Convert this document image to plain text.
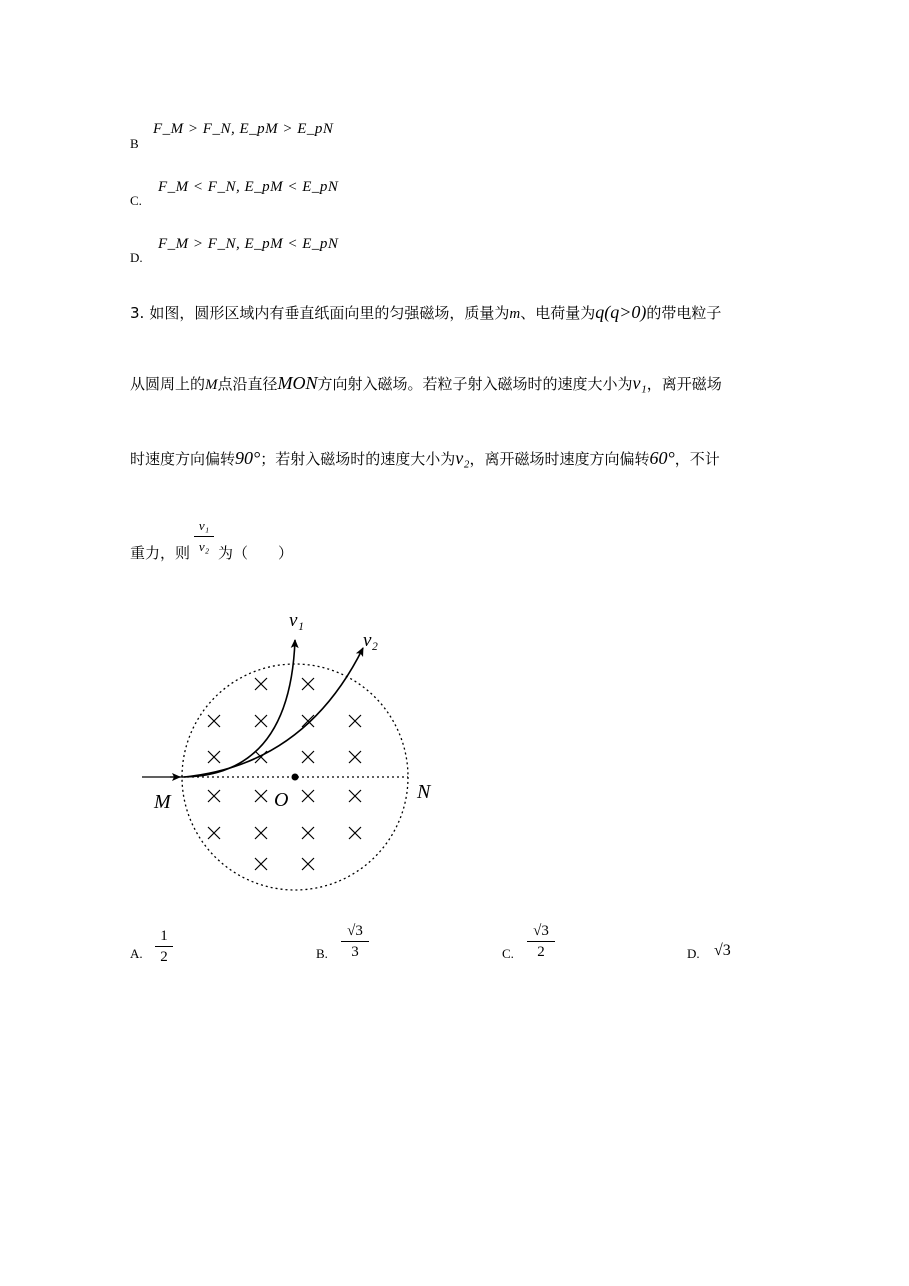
B
F_M > F_N, E_pM > E_pN
C.
F_M < F_N, E_pM < E_pN
D.
F_M > F_N, E_pM < E_pN
3. 如图，圆形区域内有垂直纸面向里的匀强磁场，质量为m、电荷量为q(q>0)的带电粒子
从圆周上的M点沿直径MON方向射入磁场。若粒子射入磁场时的速度大小为v₁，离开磁场
时速度方向偏转90°；若射入磁场时的速度大小为v₂，离开磁场时速度方向偏转60°，不计
重力，则
v₁
v₂ 为（　　）
v₁
v₂
M	O	N
A.
1
2	B.
√3
3	C.
√3
2	D. √3
